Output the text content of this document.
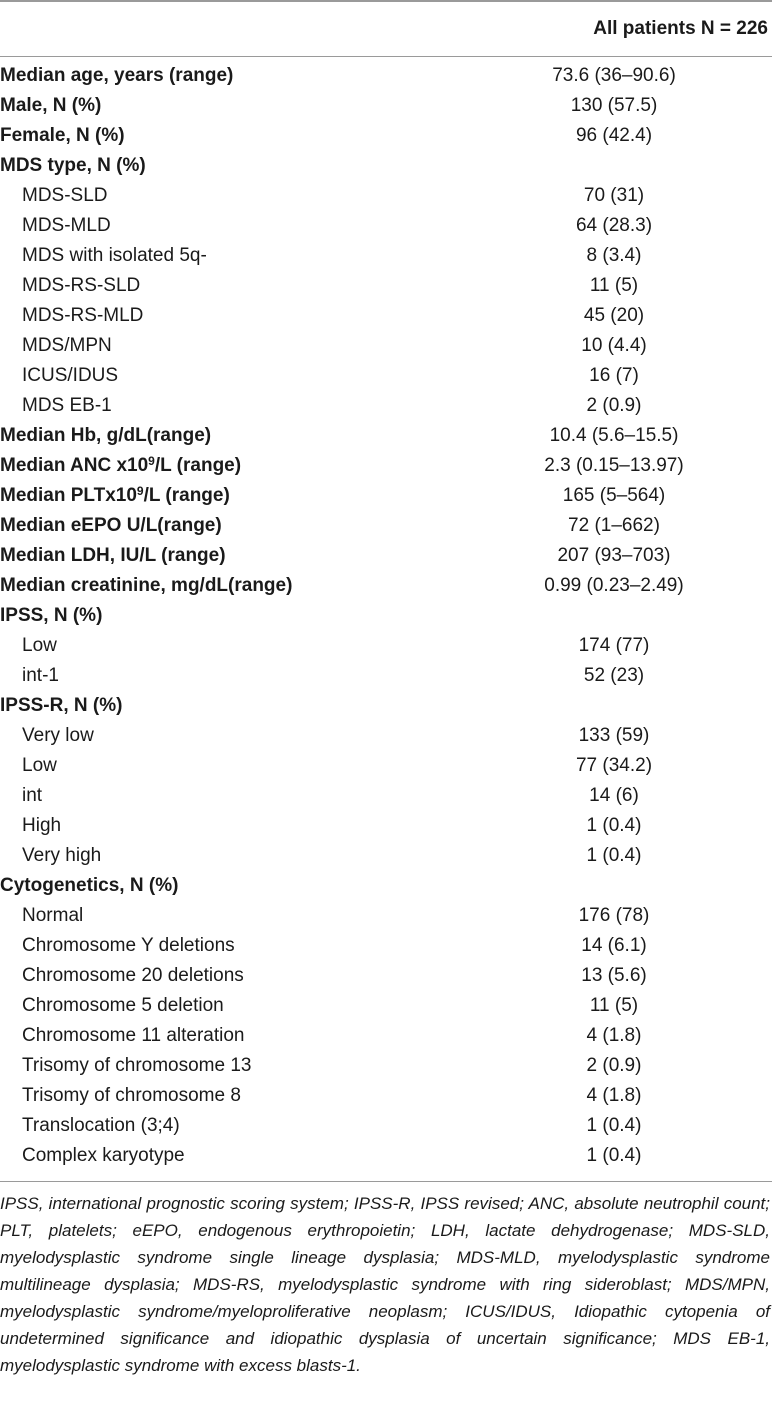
All patients N = 226
Median age, years (range)	73.6 (36–90.6)
Male, N (%)	130 (57.5)
Female, N (%)	96 (42.4)
MDS type, N (%)
MDS-SLD	70 (31)
MDS-MLD	64 (28.3)
MDS with isolated 5q-	8 (3.4)
MDS-RS-SLD	11 (5)
MDS-RS-MLD	45 (20)
MDS/MPN	10 (4.4)
ICUS/IDUS	16 (7)
MDS EB-1	2 (0.9)
Median Hb, g/dL(range)	10.4 (5.6–15.5)
Median ANC $x10^9/L$ (range)	2.3 (0.15–13.97)
Median $PLTx10^9/L$ (range)	165 (5–564)
Median eEPO U/L(range)	72 (1–662)
Median LDH, IU/L (range)	207 (93–703)
Median creatinine, mg/dL(range)	0.99 (0.23–2.49)
IPSS, N (%)
Low	174 (77)
int-1	52 (23)
IPSS-R, N (%)
Very low	133 (59)
Low	77 (34.2)
int	14 (6)
High	1 (0.4)
Very high	1 (0.4)
Cytogenetics, N (%)
Normal	176 (78)
Chromosome Y deletions	14 (6.1)
Chromosome 20 deletions	13 (5.6)
Chromosome 5 deletion	11 (5)
Chromosome 11 alteration	4 (1.8)
Trisomy of chromosome 13	2 (0.9)
Trisomy of chromosome 8	4 (1.8)
Translocation (3;4)	1 (0.4)
Complex karyotype	1 (0.4)
IPSS, international prognostic scoring system; IPSS-R, IPSS revised; ANC, absolute neutrophil count; PLT, platelets; eEPO, endogenous erythropoietin; LDH, lactate dehydrogenase; MDS-SLD, myelodysplastic syndrome single lineage dysplasia; MDS-MLD, myelodysplastic syndrome multilineage dysplasia; MDS-RS, myelodysplastic syndrome with ring sideroblast; MDS/MPN, myelodysplastic syndrome/myeloproliferative neoplasm; ICUS/IDUS, Idiopathic cytopenia of undetermined significance and idiopathic dysplasia of uncertain significance; MDS EB-1, myelodysplastic syndrome with excess blasts-1.
